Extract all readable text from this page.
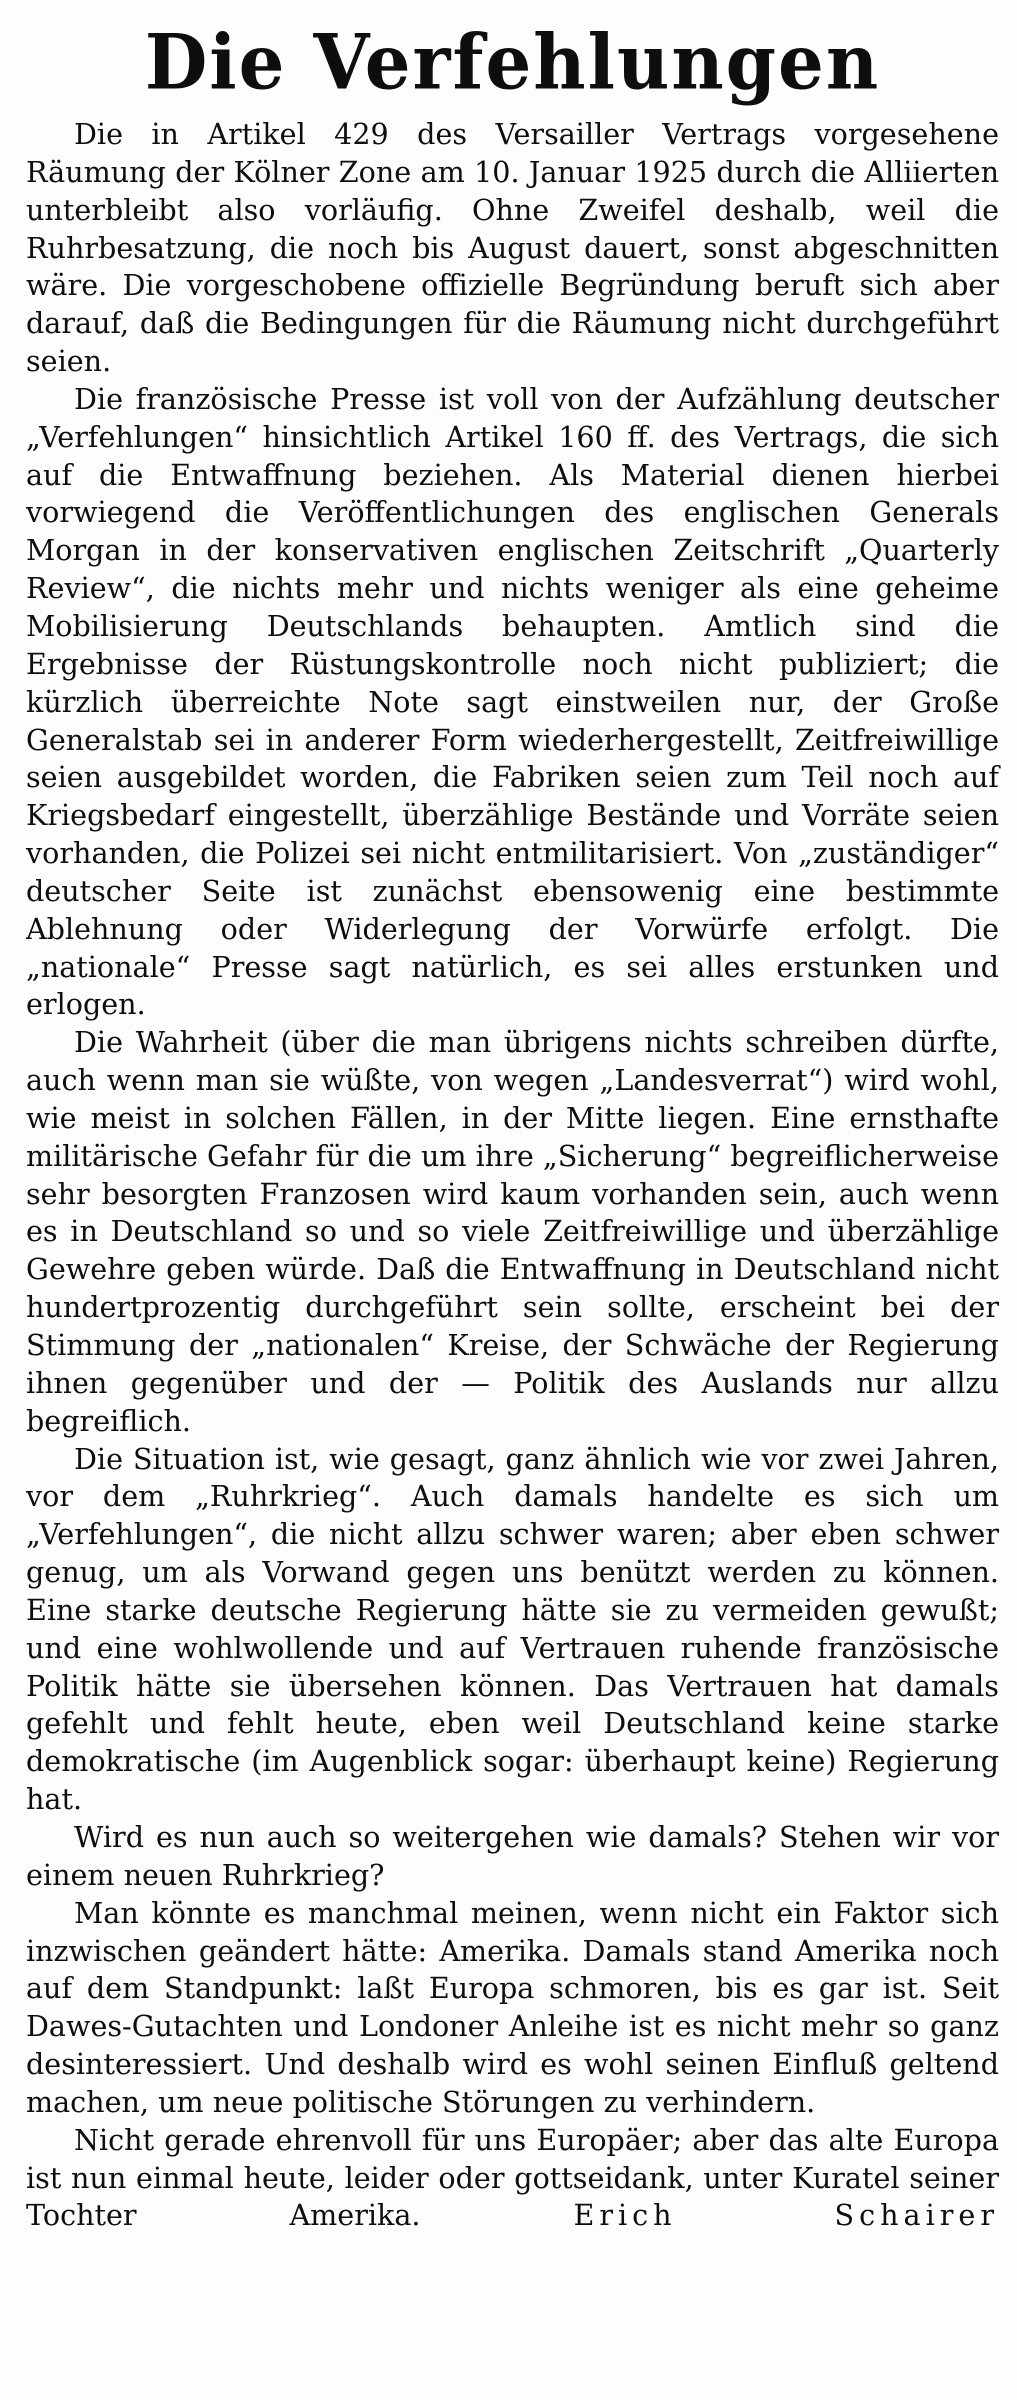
Die Verfehlungen

Die in Artikel 429 des Versailler Vertrags vorgesehene Räumung der Kölner Zone am 10. Januar 1925 durch die Alliierten unterbleibt also vorläufig. Ohne Zweifel deshalb, weil die Ruhrbesatzung, die noch bis August dauert, sonst abgeschnitten wäre. Die vorgeschobene offizielle Begründung beruft sich aber darauf, daß die Bedingungen für die Räumung nicht durchgeführt seien.

Die französische Presse ist voll von der Aufzählung deutscher „Verfehlungen“ hinsichtlich Artikel 160 ff. des Vertrags, die sich auf die Entwaffnung beziehen. Als Material dienen hierbei vorwiegend die Veröffentlichungen des englischen Generals Morgan in der konservativen englischen Zeitschrift „Quarterly Review“, die nichts mehr und nichts weniger als eine geheime Mobilisierung Deutschlands behaupten. Amtlich sind die Ergebnisse der Rüstungskontrolle noch nicht publiziert; die kürzlich überreichte Note sagt einstweilen nur, der Große Generalstab sei in anderer Form wiederhergestellt, Zeitfreiwillige seien ausgebildet worden, die Fabriken seien zum Teil noch auf Kriegsbedarf eingestellt, überzählige Bestände und Vorräte seien vorhanden, die Polizei sei nicht entmilitarisiert. Von „zuständiger“ deutscher Seite ist zunächst ebensowenig eine bestimmte Ablehnung oder Widerlegung der Vorwürfe erfolgt. Die „nationale“ Presse sagt natürlich, es sei alles erstunken und erlogen.

Die Wahrheit (über die man übrigens nichts schreiben dürfte, auch wenn man sie wüßte, von wegen „Landesverrat“) wird wohl, wie meist in solchen Fällen, in der Mitte liegen. Eine ernsthafte militärische Gefahr für die um ihre „Sicherung“ begreiflicherweise sehr besorgten Franzosen wird kaum vorhanden sein, auch wenn es in Deutschland so und so viele Zeitfreiwillige und überzählige Gewehre geben würde. Daß die Entwaffnung in Deutschland nicht hundertprozentig durchgeführt sein sollte, erscheint bei der Stimmung der „nationalen“ Kreise, der Schwäche der Regierung ihnen gegenüber und der — Politik des Auslands nur allzu begreiflich.

Die Situation ist, wie gesagt, ganz ähnlich wie vor zwei Jahren, vor dem „Ruhrkrieg“. Auch damals handelte es sich um „Verfehlungen“, die nicht allzu schwer waren; aber eben schwer genug, um als Vorwand gegen uns benützt werden zu können. Eine starke deutsche Regierung hätte sie zu vermeiden gewußt; und eine wohlwollende und auf Vertrauen ruhende französische Politik hätte sie übersehen können. Das Vertrauen hat damals gefehlt und fehlt heute, eben weil Deutschland keine starke demokratische (im Augenblick sogar: überhaupt keine) Regierung hat.

Wird es nun auch so weitergehen wie damals? Stehen wir vor einem neuen Ruhrkrieg?

Man könnte es manchmal meinen, wenn nicht ein Faktor sich inzwischen geändert hätte: Amerika. Damals stand Amerika noch auf dem Standpunkt: laßt Europa schmoren, bis es gar ist. Seit Dawes-Gutachten und Londoner Anleihe ist es nicht mehr so ganz desinteressiert. Und deshalb wird es wohl seinen Einfluß geltend machen, um neue politische Störungen zu verhindern.

Nicht gerade ehrenvoll für uns Europäer; aber das alte Europa ist nun einmal heute, leider oder gottseidank, unter Kuratel seiner Tochter Amerika.	Erich Schairer
